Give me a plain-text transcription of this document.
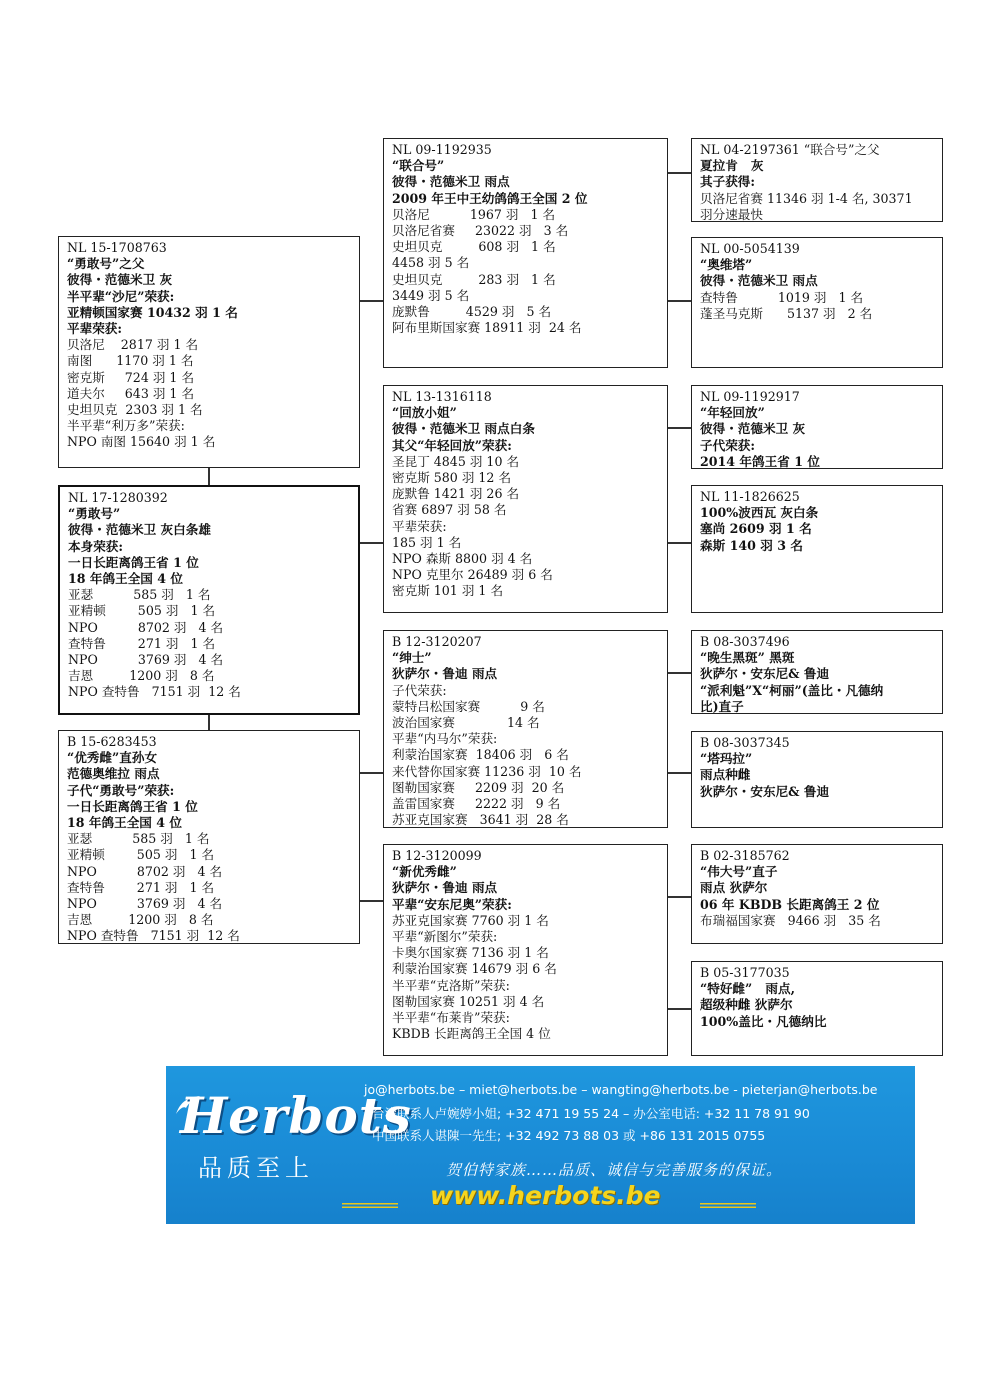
NL 15-1708763
“勇敢号”之父
彼得・范德米卫 灰
半平辈“沙尼”荣获:
亚精顿国家赛 10432 羽 1 名
平辈荣获:
贝洛尼    2817 羽 1 名
南图      1170 羽 1 名
密克斯     724 羽 1 名
道夫尔     643 羽 1 名
史坦贝克  2303 羽 1 名
半平辈“利万多”荣获:
NPO 南图 15640 羽 1 名
NL 17-1280392
“勇敢号”
彼得・范德米卫 灰白条雄
本身荣获:
一日长距离鸽王省 1 位
18 年鸽王全国 4 位
亚瑟          585 羽   1 名
亚精顿        505 羽   1 名
NPO          8702 羽   4 名
查特鲁        271 羽   1 名
NPO          3769 羽   4 名
吉恩         1200 羽   8 名
NPO 查特鲁   7151 羽  12 名
B 15-6283453
“优秀雌”直孙女
范德奥维拉 雨点
子代“勇敢号”荣获:
一日长距离鸽王省 1 位
18 年鸽王全国 4 位
亚瑟          585 羽   1 名
亚精顿        505 羽   1 名
NPO          8702 羽   4 名
查特鲁        271 羽   1 名
NPO          3769 羽   4 名
吉恩         1200 羽   8 名
NPO 查特鲁   7151 羽  12 名
NL 09-1192935
“联合号”
彼得・范德米卫 雨点
2009 年王中王幼鸽鸽王全国 2 位
贝洛尼          1967 羽   1 名
贝洛尼省赛     23022 羽   3 名
史坦贝克         608 羽   1 名
4458 羽 5 名
史坦贝克         283 羽   1 名
3449 羽 5 名
庞默鲁         4529 羽   5 名
阿布里斯国家赛 18911 羽  24 名
NL 13-1316118
“回放小姐”
彼得・范德米卫 雨点白条
其父“年轻回放”荣获:
圣昆丁 4845 羽 10 名
密克斯 580 羽 12 名
庞默鲁 1421 羽 26 名
省赛 6897 羽 58 名
平辈荣获:
185 羽 1 名
NPO 森斯 8800 羽 4 名
NPO 克里尔 26489 羽 6 名
密克斯 101 羽 1 名
B 12-3120207
“绅士”
狄萨尔・鲁迪 雨点
子代荣获:
蒙特吕松国家赛          9 名
波治国家赛             14 名
平辈“内马尔”荣获:
利蒙治国家赛  18406 羽   6 名
来代替你国家赛 11236 羽  10 名
图勒国家赛     2209 羽  20 名
盖雷国家赛     2222 羽   9 名
苏亚克国家赛   3641 羽  28 名
B 12-3120099
“新优秀雌”
狄萨尔・鲁迪 雨点
平辈“安东尼奥”荣获:
苏亚克国家赛 7760 羽 1 名
平辈“新图尔”荣获:
卡奥尔国家赛 7136 羽 1 名
利蒙治国家赛 14679 羽 6 名
半平辈“克洛斯”荣获:
图勒国家赛 10251 羽 4 名
半平辈“布莱肯”荣获:
KBDB 长距离鸽王全国 4 位
NL 04-2197361 “联合号”之父
夏拉肯   灰
其子获得:
贝洛尼省赛 11346 羽 1-4 名, 30371
羽分速最快
NL 00-5054139
“奥维塔”
彼得・范德米卫 雨点
查特鲁          1019 羽   1 名
蓬圣马克斯      5137 羽   2 名
NL 09-1192917
“年轻回放”
彼得・范德米卫 灰
子代荣获:
2014 年鸽王省 1 位
NL 11-1826625
100%波西瓦 灰白条
塞尚 2609 羽 1 名
森斯 140 羽 3 名
B 08-3037496
“晚生黑斑” 黑斑
狄萨尔・安东尼& 鲁迪
“派利魁”X“柯丽”(盖比・凡德纳
比)直子
B 08-3037345
“塔玛拉”
雨点种雌
狄萨尔・安东尼& 鲁迪
B 02-3185762
“伟大号”直子
雨点 狄萨尔
06 年 KBDB 长距离鸽王 2 位
布瑞福国家赛   9466 羽   35 名
B 05-3177035
“特好雌”   雨点,
超级种雌 狄萨尔
100%盖比・凡德纳比
Herbots
品质至上
jo@herbots.be – miet@herbots.be – wangting@herbots.be - pieterjan@herbots.be
台湾联系人卢婉婷小姐; +32 471 19 55 24 – 办公室电话: +32 11 78 91 90
中国联系人谌陳一先生; +32 492 73 88 03 或 +86 131 2015 0755
贺伯特家族……品质、诚信与完善服务的保证。
www.herbots.be
